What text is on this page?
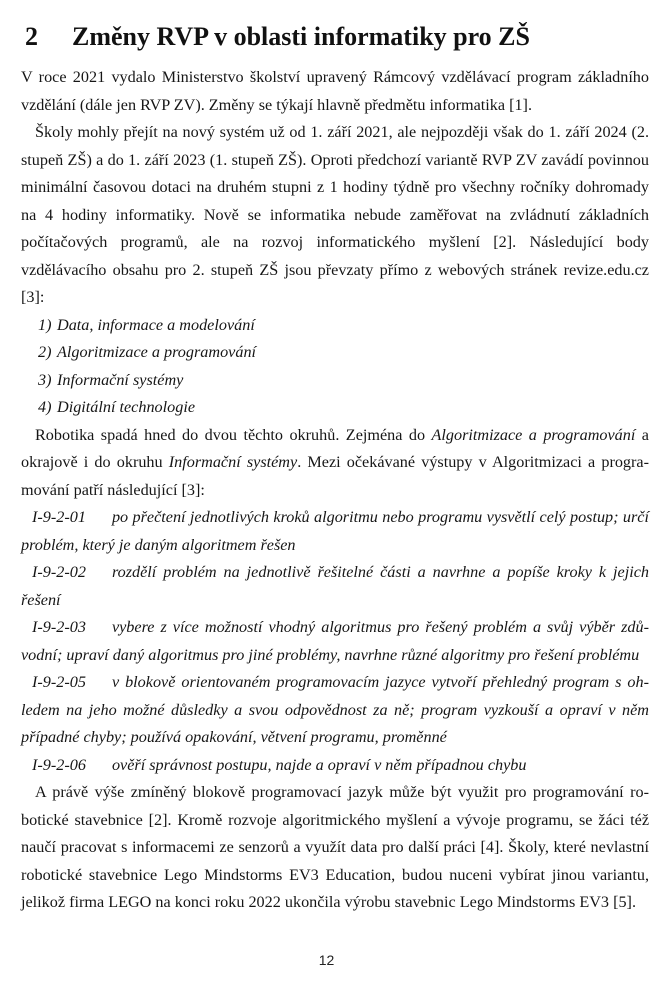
2	Změny RVP v oblasti informatiky pro ZŠ

V roce 2021 vydalo Ministerstvo školství upravený Rámcový vzdělávací program základního vzdělání (dále jen RVP ZV). Změny se týkají hlavně předmětu informatika [1].

Školy mohly přejít na nový systém už od 1. září 2021, ale nejpozději však do 1. září 2024 (2. stupeň ZŠ) a do 1. září 2023 (1. stupeň ZŠ). Oproti předchozí variantě RVP ZV zavádí povinnou minimální časovou dotaci na druhém stupni z 1 hodiny týdně pro všechny ročníky dohromady na 4 hodiny informatiky. Nově se informatika nebude zaměřovat na zvládnutí základních počítačových programů, ale na rozvoj informatického myšlení [2]. Následující body vzdělávacího obsahu pro 2. stupeň ZŠ jsou převzaty přímo z webových stránek revize.edu.cz [3]:

1) Data, informace a modelování
2) Algoritmizace a programování
3) Informační systémy
4) Digitální technologie

Robotika spadá hned do dvou těchto okruhů. Zejména do Algoritmizace a programování a okrajově i do okruhu Informační systémy. Mezi očekávané výstupy v Algoritmizaci a programování patří následující [3]:

I-9-2-01 po přečtení jednotlivých kroků algoritmu nebo programu vysvětlí celý postup; určí problém, který je daným algoritmem řešen

I-9-2-02 rozdělí problém na jednotlivě řešitelné části a navrhne a popíše kroky k jejich řešení

I-9-2-03 vybere z více možností vhodný algoritmus pro řešený problém a svůj výběr zdůvodní; upraví daný algoritmus pro jiné problémy, navrhne různé algoritmy pro řešení problému

I-9-2-05 v blokově orientovaném programovacím jazyce vytvoří přehledný program s ohledem na jeho možné důsledky a svou odpovědnost za ně; program vyzkouší a opraví v něm případné chyby; používá opakování, větvení programu, proměnné

I-9-2-06 ověří správnost postupu, najde a opraví v něm případnou chybu

A právě výše zmíněný blokově programovací jazyk může být využit pro programování robotické stavebnice [2]. Kromě rozvoje algoritmického myšlení a vývoje programu, se žáci též naučí pracovat s informacemi ze senzorů a využít data pro další práci [4]. Školy, které nevlastní robotické stavebnice Lego Mindstorms EV3 Education, budou nuceni vybírat jinou variantu, jelikož firma LEGO na konci roku 2022 ukončila výrobu stavebnic Lego Mindstorms EV3 [5].

12
